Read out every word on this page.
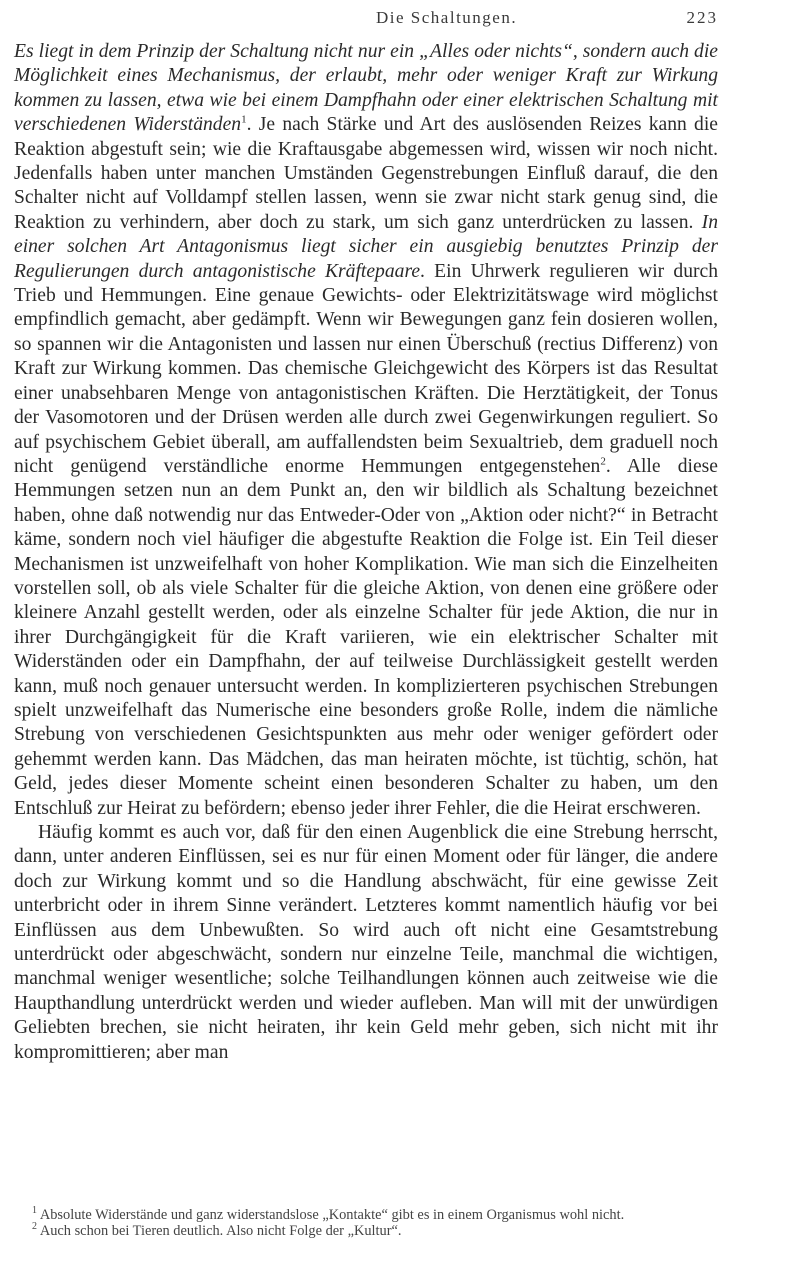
Die Schaltungen.	223

Es liegt in dem Prinzip der Schaltung nicht nur ein „Alles oder nichts“, sondern auch die Möglichkeit eines Mechanismus, der erlaubt, mehr oder weniger Kraft zur Wirkung kommen zu lassen, etwa wie bei einem Dampfhahn oder einer elektrischen Schaltung mit verschiedenen Widerständen$^1$. Je nach Stärke und Art des auslösenden Reizes kann die Reaktion abgestuft sein; wie die Kraftausgabe abgemessen wird, wissen wir noch nicht. Jedenfalls haben unter manchen Umständen Gegenstrebungen Einfluß darauf, die den Schalter nicht auf Volldampf stellen lassen, wenn sie zwar nicht stark genug sind, die Reaktion zu verhindern, aber doch zu stark, um sich ganz unterdrücken zu lassen. In einer solchen Art Antagonismus liegt sicher ein ausgiebig benutztes Prinzip der Regulierungen durch antagonistische Kräftepaare. Ein Uhrwerk regulieren wir durch Trieb und Hemmungen. Eine genaue Gewichts- oder Elektrizitätswage wird möglichst empfindlich gemacht, aber gedämpft. Wenn wir Bewegungen ganz fein dosieren wollen, so spannen wir die Antagonisten und lassen nur einen Überschuß (rectius Differenz) von Kraft zur Wirkung kommen. Das chemische Gleichgewicht des Körpers ist das Resultat einer unabsehbaren Menge von antagonistischen Kräften. Die Herztätigkeit, der Tonus der Vasomotoren und der Drüsen werden alle durch zwei Gegenwirkungen reguliert. So auf psychischem Gebiet überall, am auffallendsten beim Sexualtrieb, dem graduell noch nicht genügend verständliche enorme Hemmungen entgegenstehen$^2$. Alle diese Hemmungen setzen nun an dem Punkt an, den wir bildlich als Schaltung bezeichnet haben, ohne daß notwendig nur das Entweder-Oder von „Aktion oder nicht?“ in Betracht käme, sondern noch viel häufiger die abgestufte Reaktion die Folge ist. Ein Teil dieser Mechanismen ist unzweifelhaft von hoher Komplikation. Wie man sich die Einzelheiten vorstellen soll, ob als viele Schalter für die gleiche Aktion, von denen eine größere oder kleinere Anzahl gestellt werden, oder als einzelne Schalter für jede Aktion, die nur in ihrer Durchgängigkeit für die Kraft variieren, wie ein elektrischer Schalter mit Widerständen oder ein Dampfhahn, der auf teilweise Durchlässigkeit gestellt werden kann, muß noch genauer untersucht werden. In komplizierteren psychischen Strebungen spielt unzweifelhaft das Numerische eine besonders große Rolle, indem die nämliche Strebung von verschiedenen Gesichtspunkten aus mehr oder weniger gefördert oder gehemmt werden kann. Das Mädchen, das man heiraten möchte, ist tüchtig, schön, hat Geld, jedes dieser Momente scheint einen besonderen Schalter zu haben, um den Entschluß zur Heirat zu befördern; ebenso jeder ihrer Fehler, die die Heirat erschweren.

Häufig kommt es auch vor, daß für den einen Augenblick die eine Strebung herrscht, dann, unter anderen Einflüssen, sei es nur für einen Moment oder für länger, die andere doch zur Wirkung kommt und so die Handlung abschwächt, für eine gewisse Zeit unterbricht oder in ihrem Sinne verändert. Letzteres kommt namentlich häufig vor bei Einflüssen aus dem Unbewußten. So wird auch oft nicht eine Gesamtstrebung unterdrückt oder abgeschwächt, sondern nur einzelne Teile, manchmal die wichtigen, manchmal weniger wesentliche; solche Teilhandlungen können auch zeitweise wie die Haupthandlung unterdrückt werden und wieder aufleben. Man will mit der unwürdigen Geliebten brechen, sie nicht heiraten, ihr kein Geld mehr geben, sich nicht mit ihr kompromittieren; aber man

$^1$ Absolute Widerstände und ganz widerstandslose „Kontakte“ gibt es in einem Organismus wohl nicht.

$^2$ Auch schon bei Tieren deutlich. Also nicht Folge der „Kultur“.
